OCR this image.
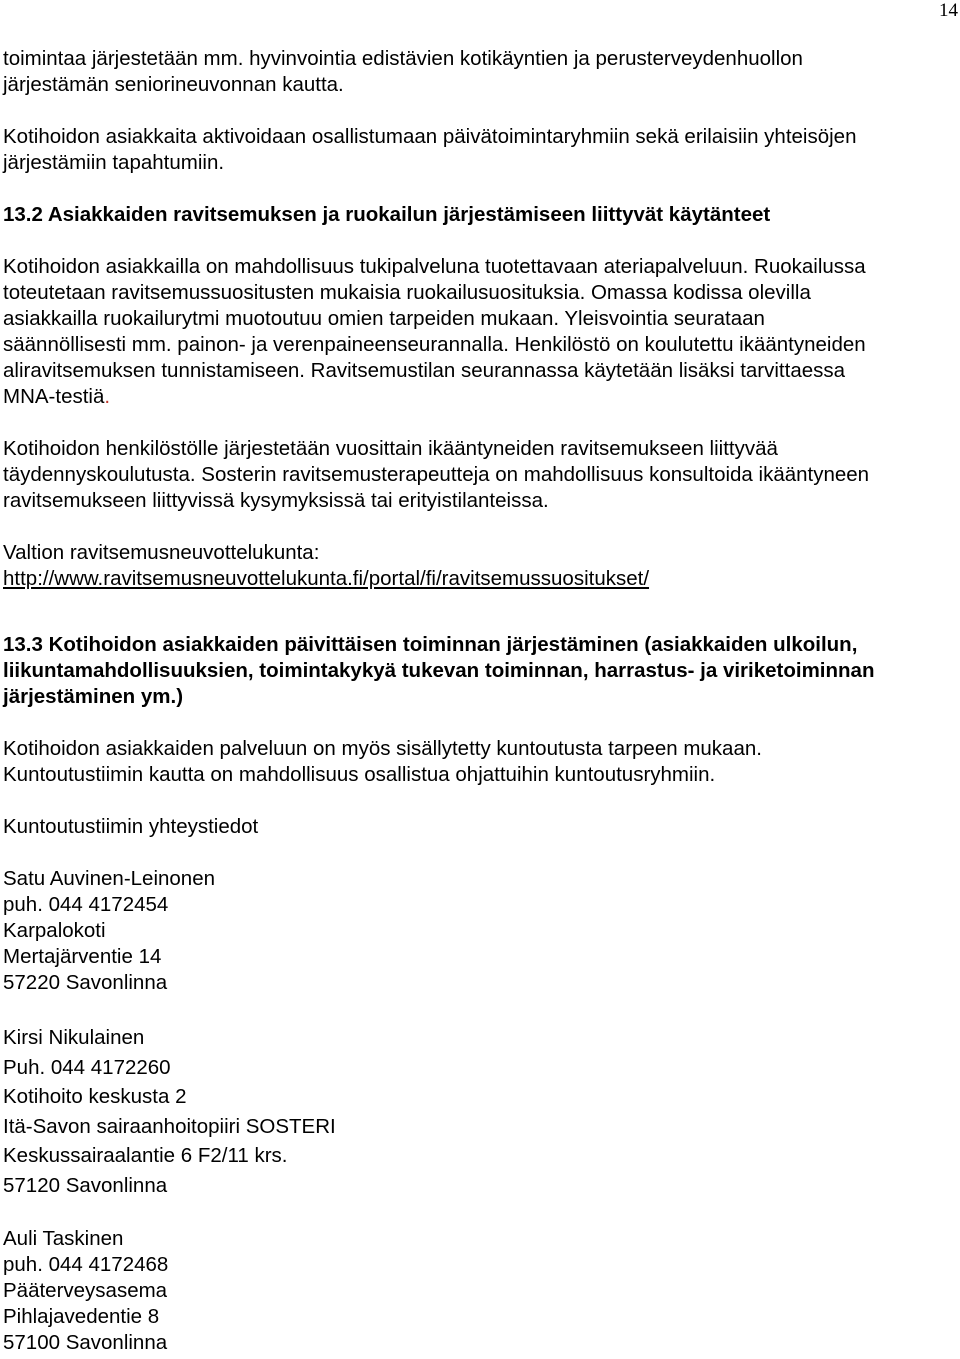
14

toimintaa järjestetään mm. hyvinvointia edistävien kotikäyntien ja perusterveydenhuollon
järjestämän seniorineuvonnan kautta.

Kotihoidon asiakkaita aktivoidaan osallistumaan päivätoimintaryhmiin sekä erilaisiin yhteisöjen
järjestämiin tapahtumiin.

13.2 Asiakkaiden ravitsemuksen ja ruokailun järjestämiseen liittyvät käytänteet

Kotihoidon asiakkailla on mahdollisuus tukipalveluna tuotettavaan ateriapalveluun. Ruokailussa
toteutetaan ravitsemussuositusten mukaisia ruokailusuosituksia. Omassa kodissa olevilla
asiakkailla ruokailurytmi muotoutuu omien tarpeiden mukaan. Yleisvointia seurataan
säännöllisesti mm. painon- ja verenpaineenseurannalla. Henkilöstö on koulutettu ikääntyneiden
aliravitsemuksen tunnistamiseen. Ravitsemustilan seurannassa käytetään lisäksi tarvittaessa
MNA-testiä.

Kotihoidon henkilöstölle järjestetään vuosittain ikääntyneiden ravitsemukseen liittyvää
täydennyskoulutusta. Sosterin ravitsemusterapeutteja on mahdollisuus konsultoida ikääntyneen
ravitsemukseen liittyvissä kysymyksissä tai erityistilanteissa.

Valtion ravitsemusneuvottelukunta:

http://www.ravitsemusneuvottelukunta.fi/portal/fi/ravitsemussuositukset/

13.3 Kotihoidon asiakkaiden päivittäisen toiminnan järjestäminen (asiakkaiden ulkoilun,
liikuntamahdollisuuksien, toimintakykyä tukevan toiminnan, harrastus- ja viriketoiminnan
järjestäminen ym.)

Kotihoidon asiakkaiden palveluun on myös sisällytetty kuntoutusta tarpeen mukaan.
Kuntoutustiimin kautta on mahdollisuus osallistua ohjattuihin kuntoutusryhmiin.

Kuntoutustiimin yhteystiedot

Satu Auvinen-Leinonen

puh. 044 4172454

Karpalokoti

Mertajärventie 14

57220 Savonlinna

Kirsi Nikulainen

Puh. 044 4172260

Kotihoito keskusta 2

Itä-Savon sairaanhoitopiiri SOSTERI

Keskussairaalantie 6 F2/11 krs.

57120 Savonlinna

Auli Taskinen

puh. 044 4172468

Pääterveysasema

Pihlajavedentie 8

57100 Savonlinna
